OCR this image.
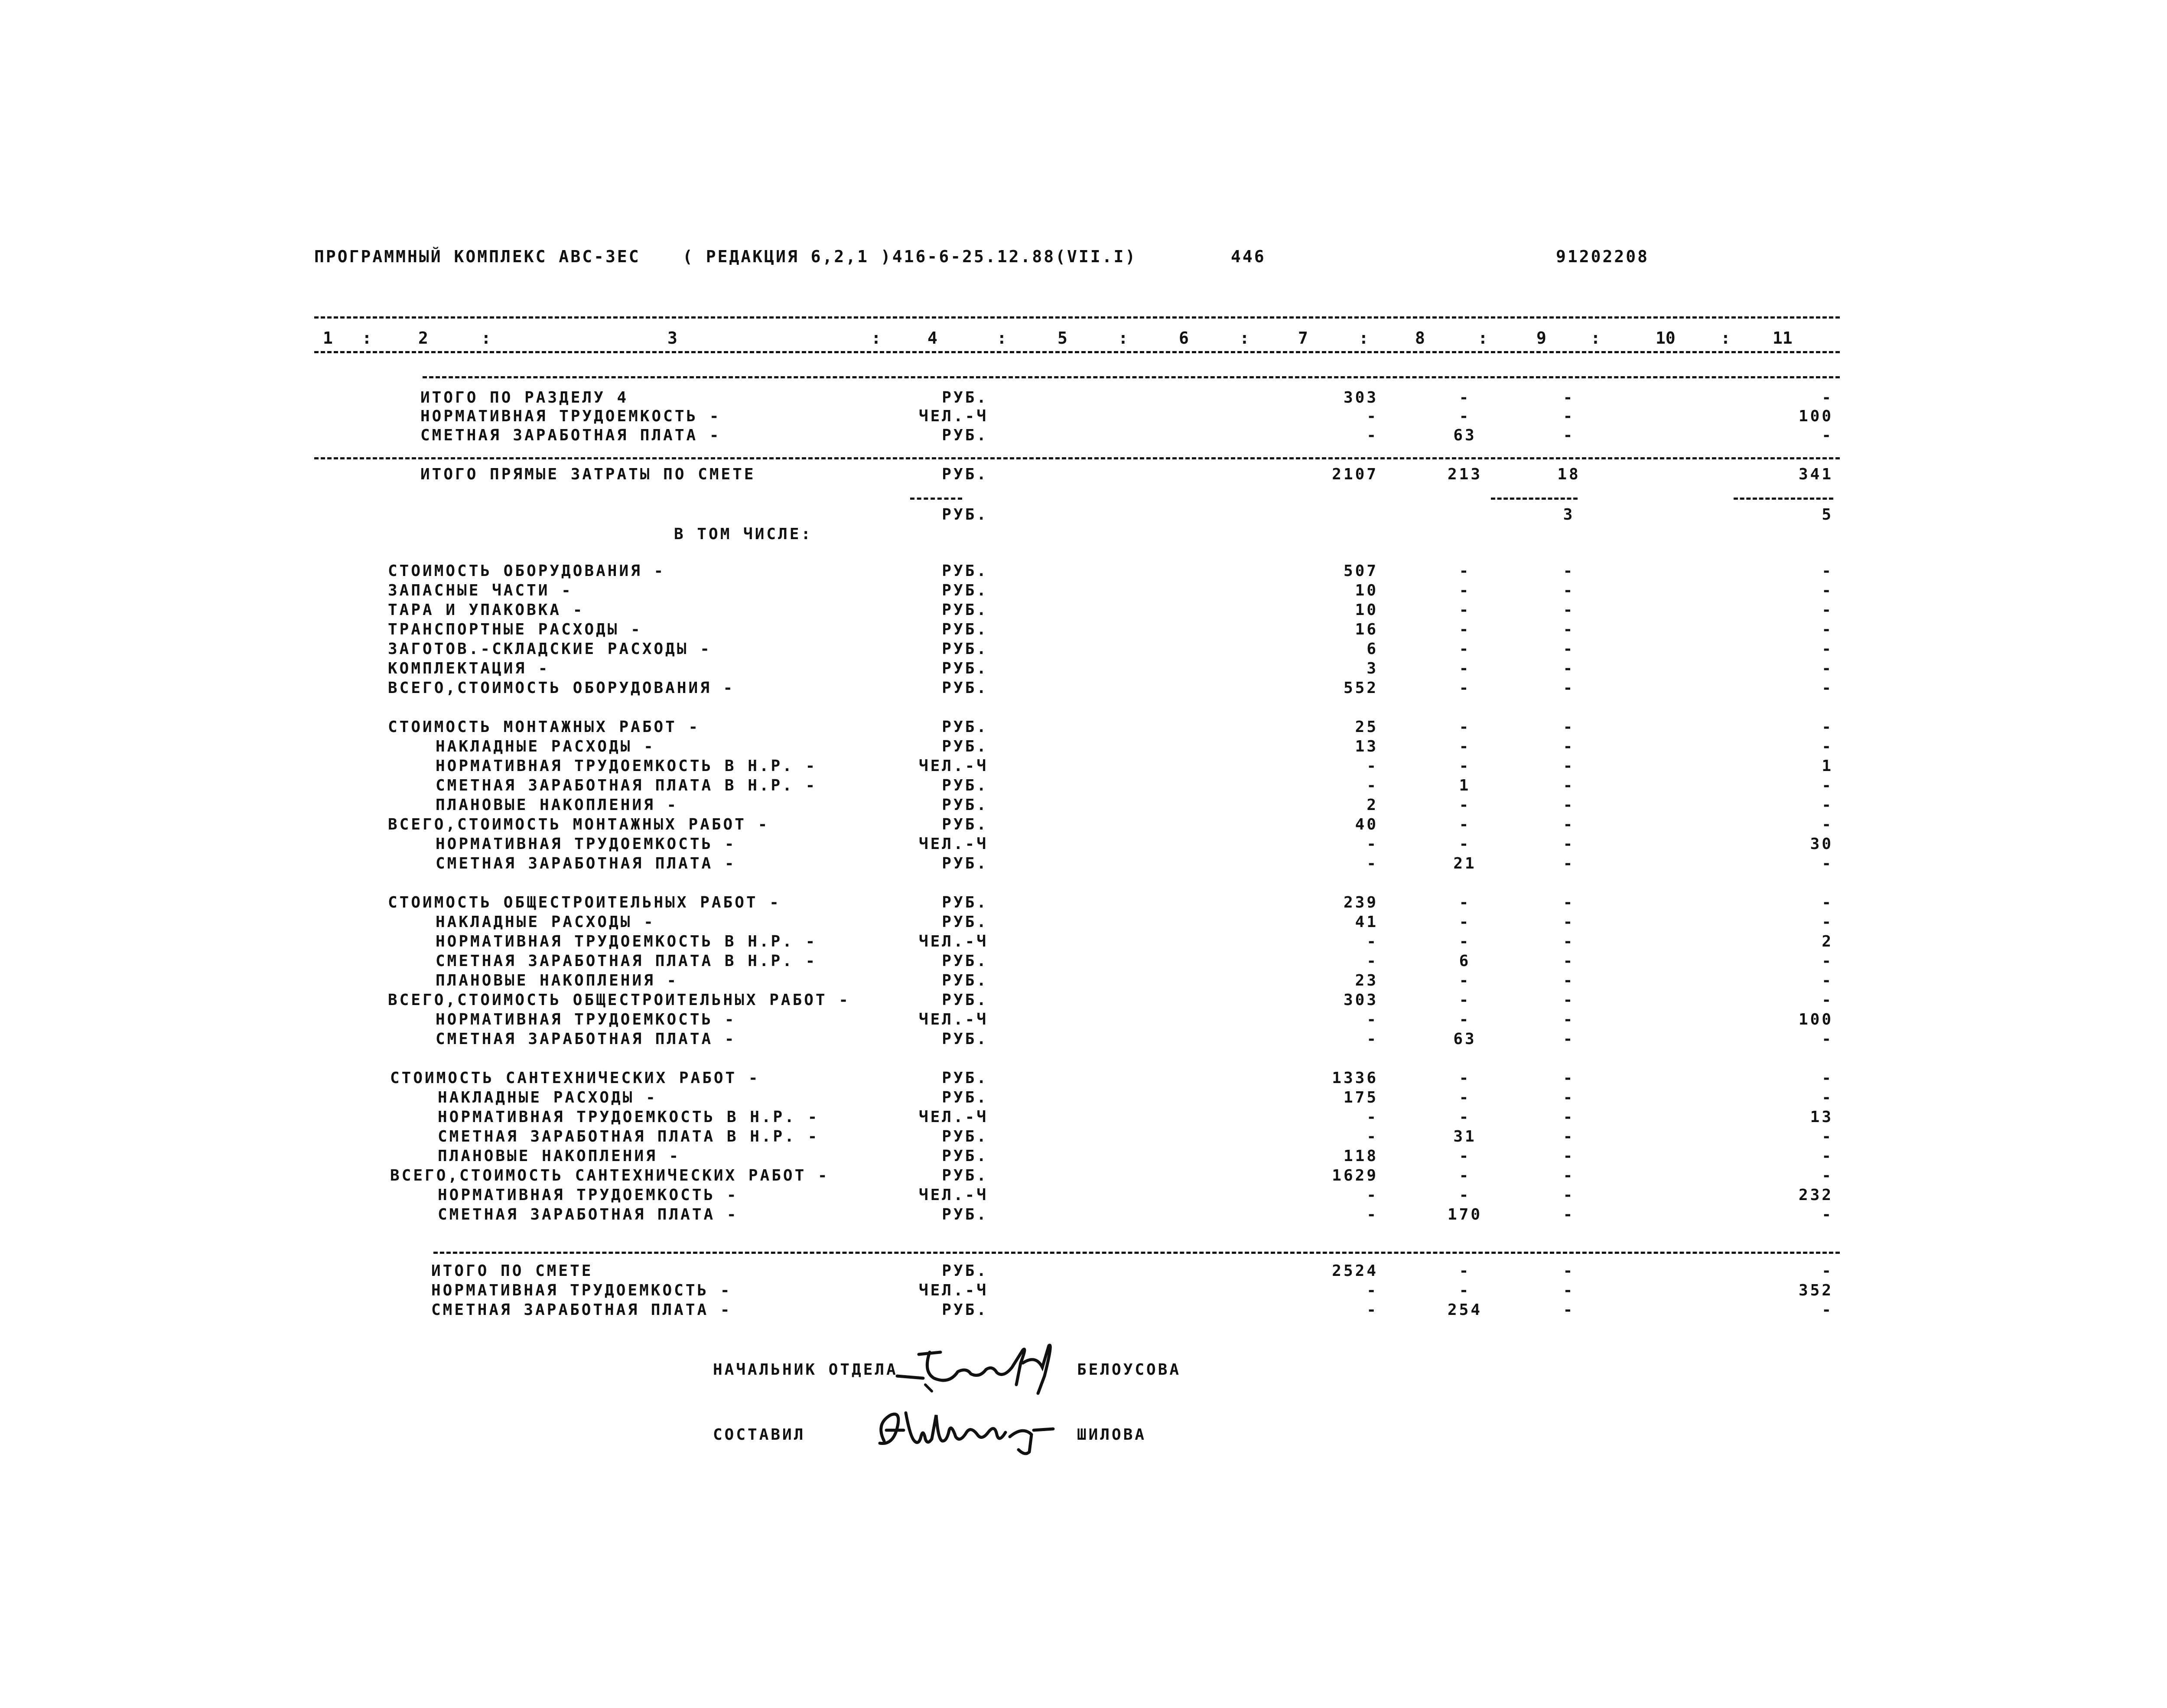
ПРОГРАММНЫЙ КОМПЛЕКС АВС-ЗЕС	( РЕДАКЦИЯ 6,2,1 )416-6-25.12.88(VII.I)	446	91202208
1	2	3	4	5	6	7	8	9	10	11
:	:	:	:	:	:	:	:	:	:
ИТОГО ПО РАЗДЕЛУ 4	РУБ.	303	-	-	-
НОРМАТИВНАЯ ТРУДОЕМКОСТЬ -	ЧЕЛ.-Ч	-	-	-	100
СМЕТНАЯ ЗАРАБОТНАЯ ПЛАТА -	РУБ.	-	63	-	-
ИТОГО ПРЯМЫЕ ЗАТРАТЫ ПО СМЕТЕ	РУБ.	2107	213	18	341
РУБ.	3	5
В ТОМ ЧИСЛЕ:
СТОИМОСТЬ ОБОРУДОВАНИЯ -	РУБ.	507	-	-	-
ЗАПАСНЫЕ ЧАСТИ -	РУБ.	10	-	-	-
ТАРА И УПАКОВКА -	РУБ.	10	-	-	-
ТРАНСПОРТНЫЕ РАСХОДЫ -	РУБ.	16	-	-	-
ЗАГОТОВ.-СКЛАДСКИЕ РАСХОДЫ -	РУБ.	6	-	-	-
КОМПЛЕКТАЦИЯ -	РУБ.	3	-	-	-
ВСЕГО,СТОИМОСТЬ ОБОРУДОВАНИЯ -	РУБ.	552	-	-	-
СТОИМОСТЬ МОНТАЖНЫХ РАБОТ -	РУБ.	25	-	-	-
НАКЛАДНЫЕ РАСХОДЫ -	РУБ.	13	-	-	-
НОРМАТИВНАЯ ТРУДОЕМКОСТЬ В Н.Р. -	ЧЕЛ.-Ч	-	-	-	1
СМЕТНАЯ ЗАРАБОТНАЯ ПЛАТА В Н.Р. -	РУБ.	-	1	-	-
ПЛАНОВЫЕ НАКОПЛЕНИЯ -	РУБ.	2	-	-	-
ВСЕГО,СТОИМОСТЬ МОНТАЖНЫХ РАБОТ -	РУБ.	40	-	-	-
НОРМАТИВНАЯ ТРУДОЕМКОСТЬ -	ЧЕЛ.-Ч	-	-	-	30
СМЕТНАЯ ЗАРАБОТНАЯ ПЛАТА -	РУБ.	-	21	-	-
СТОИМОСТЬ ОБЩЕСТРОИТЕЛЬНЫХ РАБОТ -	РУБ.	239	-	-	-
НАКЛАДНЫЕ РАСХОДЫ -	РУБ.	41	-	-	-
НОРМАТИВНАЯ ТРУДОЕМКОСТЬ В Н.Р. -	ЧЕЛ.-Ч	-	-	-	2
СМЕТНАЯ ЗАРАБОТНАЯ ПЛАТА В Н.Р. -	РУБ.	-	6	-	-
ПЛАНОВЫЕ НАКОПЛЕНИЯ -	РУБ.	23	-	-	-
ВСЕГО,СТОИМОСТЬ ОБЩЕСТРОИТЕЛЬНЫХ РАБОТ -	РУБ.	303	-	-	-
НОРМАТИВНАЯ ТРУДОЕМКОСТЬ -	ЧЕЛ.-Ч	-	-	-	100
СМЕТНАЯ ЗАРАБОТНАЯ ПЛАТА -	РУБ.	-	63	-	-
СТОИМОСТЬ САНТЕХНИЧЕСКИХ РАБОТ -	РУБ.	1336	-	-	-
НАКЛАДНЫЕ РАСХОДЫ -	РУБ.	175	-	-	-
НОРМАТИВНАЯ ТРУДОЕМКОСТЬ В Н.Р. -	ЧЕЛ.-Ч	-	-	-	13
СМЕТНАЯ ЗАРАБОТНАЯ ПЛАТА В Н.Р. -	РУБ.	-	31	-	-
ПЛАНОВЫЕ НАКОПЛЕНИЯ -	РУБ.	118	-	-	-
ВСЕГО,СТОИМОСТЬ САНТЕХНИЧЕСКИХ РАБОТ -	РУБ.	1629	-	-	-
НОРМАТИВНАЯ ТРУДОЕМКОСТЬ -	ЧЕЛ.-Ч	-	-	-	232
СМЕТНАЯ ЗАРАБОТНАЯ ПЛАТА -	РУБ.	-	170	-	-
ИТОГО ПО СМЕТЕ	РУБ.	2524	-	-	-
НОРМАТИВНАЯ ТРУДОЕМКОСТЬ -	ЧЕЛ.-Ч	-	-	-	352
СМЕТНАЯ ЗАРАБОТНАЯ ПЛАТА -	РУБ.	-	254	-	-
НАЧАЛЬНИК ОТДЕЛА	БЕЛОУСОВА
СОСТАВИЛ	ШИЛОВА
